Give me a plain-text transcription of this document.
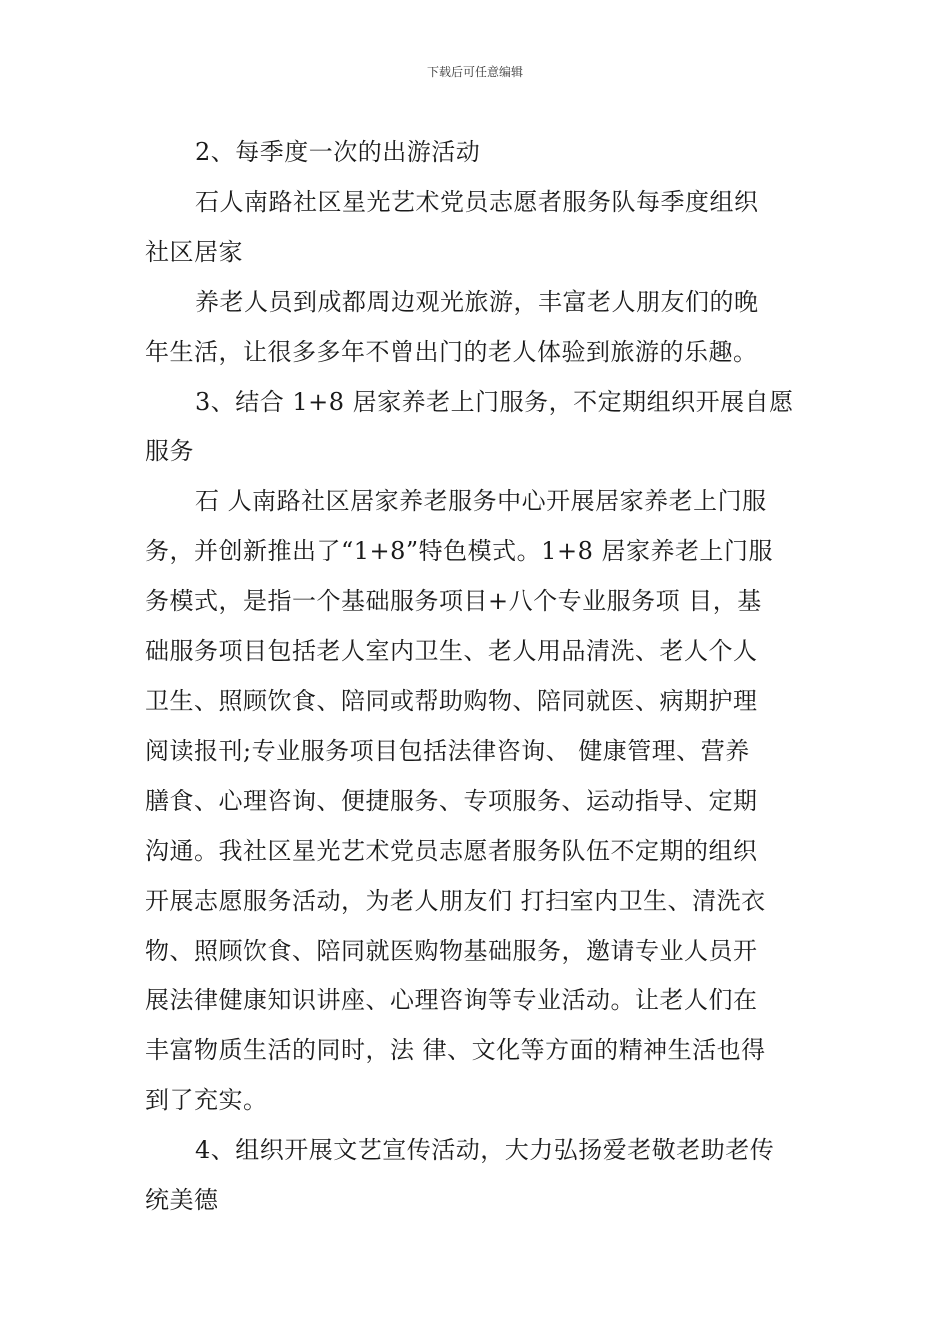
下载后可任意编辑
2、每季度一次的出游活动
石人南路社区星光艺术党员志愿者服务队每季度组织
社区居家
养老人员到成都周边观光旅游，丰富老人朋友们的晚
年生活，让很多多年不曾出门的老人体验到旅游的乐趣。
3、结合 1+8 居家养老上门服务，不定期组织开展自愿
服务
石 人南路社区居家养老服务中心开展居家养老上门服
务，并创新推出了“1+8”特色模式。1+8 居家养老上门服
务模式，是指一个基础服务项目+八个专业服务项 目，基
础服务项目包括老人室内卫生、老人用品清洗、老人个人
卫生、照顾饮食、陪同或帮助购物、陪同就医、病期护理
阅读报刊;专业服务项目包括法律咨询、 健康管理、营养
膳食、心理咨询、便捷服务、专项服务、运动指导、定期
沟通。我社区星光艺术党员志愿者服务队伍不定期的组织
开展志愿服务活动，为老人朋友们 打扫室内卫生、清洗衣
物、照顾饮食、陪同就医购物基础服务，邀请专业人员开
展法律健康知识讲座、心理咨询等专业活动。让老人们在
丰富物质生活的同时，法 律、文化等方面的精神生活也得
到了充实。
4、组织开展文艺宣传活动，大力弘扬爱老敬老助老传
统美德
